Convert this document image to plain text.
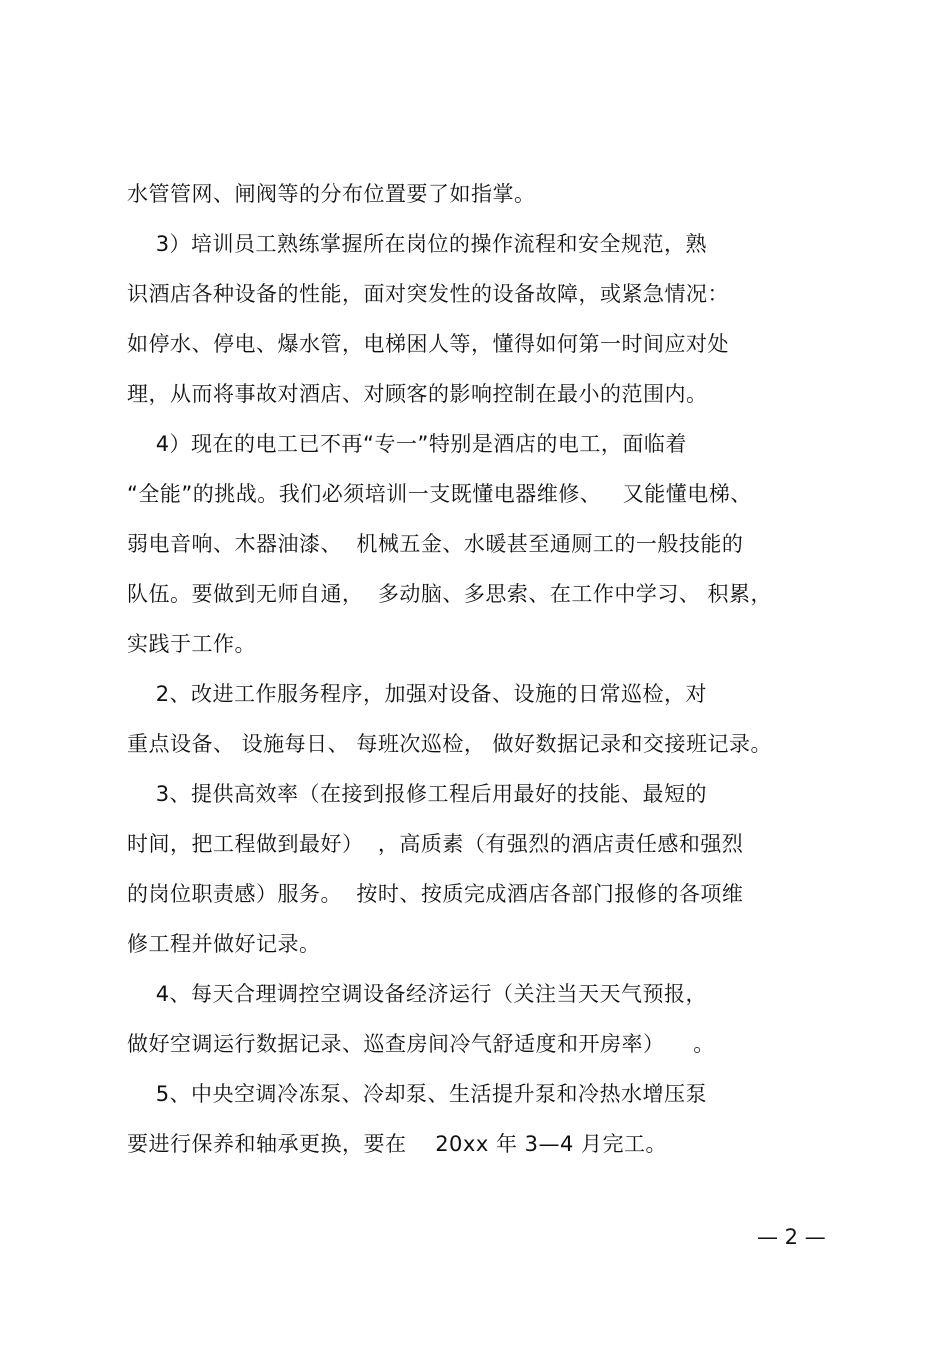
水管管网、闸阀等的分布位置要了如指掌。
3）培训员工熟练掌握所在岗位的操作流程和安全规范，熟
识酒店各种设备的性能，面对突发性的设备故障，或紧急情况：
如停水、停电、爆水管，电梯困人等，懂得如何第一时间应对处
理，从而将事故对酒店、对顾客的影响控制在最小的范围内。
4）现在的电工已不再“专一”特别是酒店的电工，面临着
“全能”的挑战。我们必须培训一支既懂电器维修、   又能懂电梯、
弱电音响、木器油漆、  机械五金、水暖甚至通厕工的一般技能的
队伍。要做到无师自通，  多动脑、多思索、在工作中学习、 积累，
实践于工作。
2、改进工作服务程序，加强对设备、设施的日常巡检，对
重点设备、 设施每日、 每班次巡检， 做好数据记录和交接班记录。
3、提供高效率（在接到报修工程后用最好的技能、最短的
时间，把工程做到最好）  ，高质素（有强烈的酒店责任感和强烈
的岗位职责感）服务。  按时、按质完成酒店各部门报修的各项维
修工程并做好记录。
4、每天合理调控空调设备经济运行（关注当天天气预报，
做好空调运行数据记录、巡查房间冷气舒适度和开房率）    。
5、中央空调冷冻泵、冷却泵、生活提升泵和冷热水增压泵
要进行保养和轴承更换，要在    20xx 年 3—4 月完工。
— 2 —
